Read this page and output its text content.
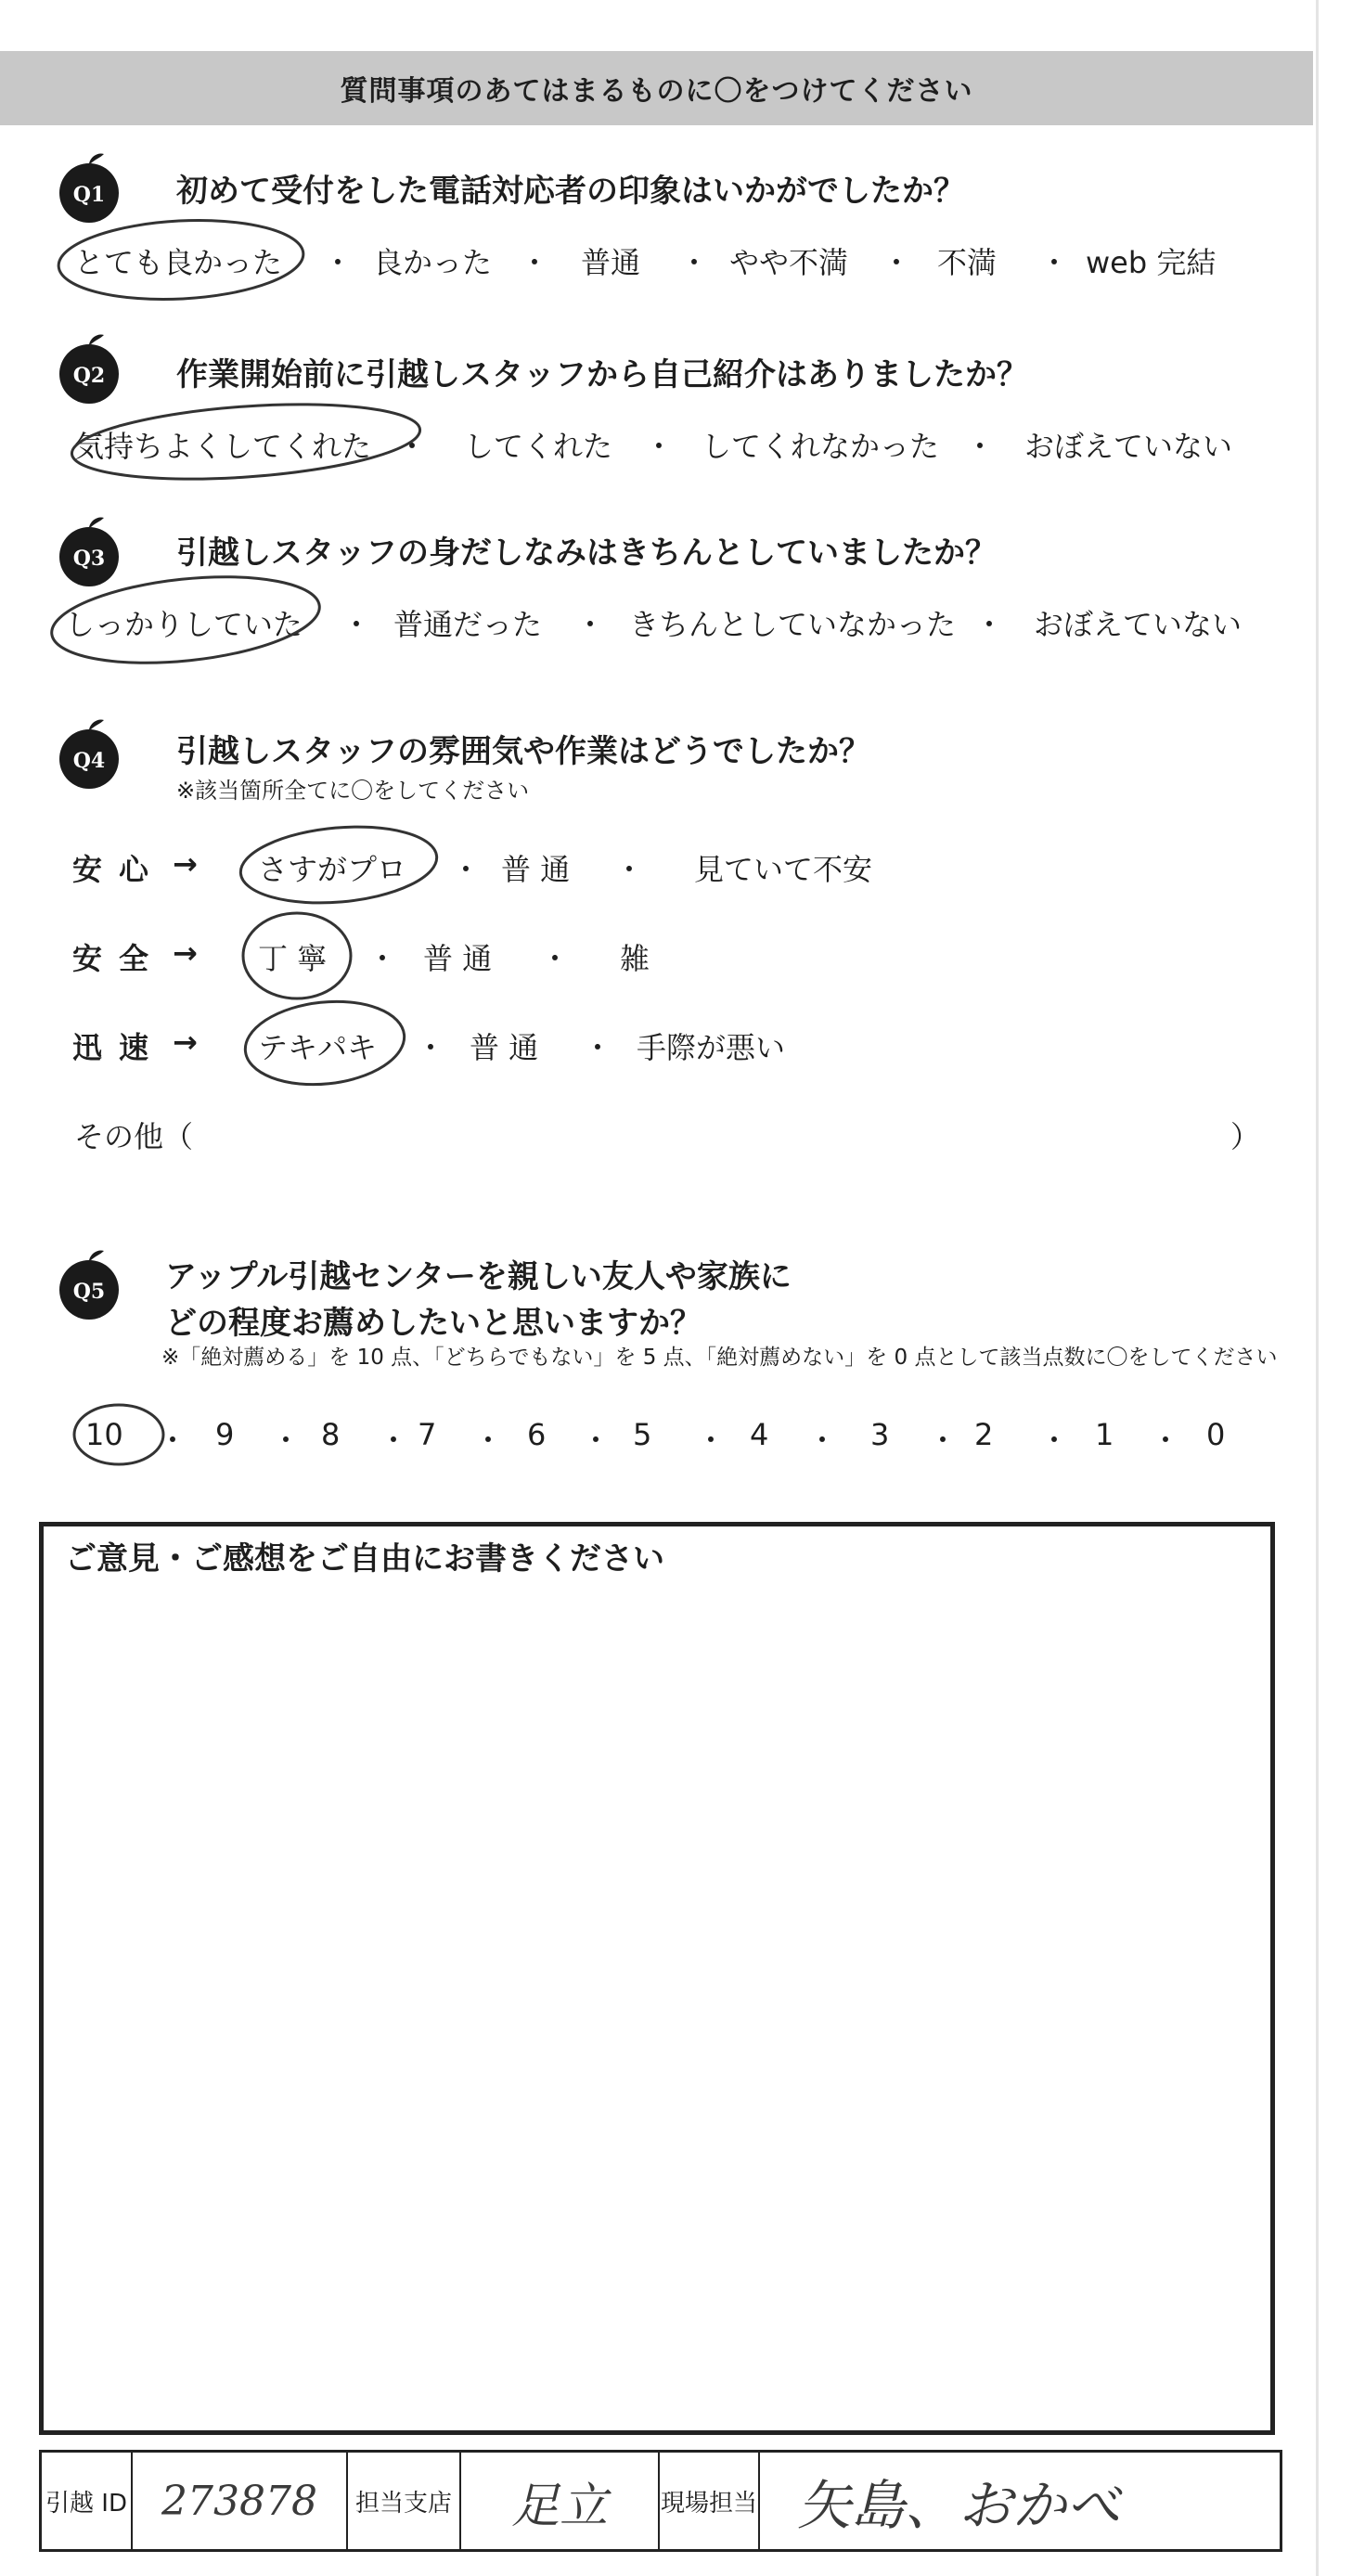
質問事項のあてはまるものに〇をつけてください
Q1 初めて受付をした電話対応者の印象はいかがでしたか？
とても良かった ・ 良かった ・ 普通 ・ やや不満 ・ 不満 ・ web 完結
Q2 作業開始前に引越しスタッフから自己紹介はありましたか？
気持ちよくしてくれた ・ してくれた ・ してくれなかった ・ おぼえていない
Q3 引越しスタッフの身だしなみはきちんとしていましたか？
しっかりしていた ・ 普通だった ・ きちんとしていなかった ・ おぼえていない
Q4 引越しスタッフの雰囲気や作業はどうでしたか？
※該当箇所全てに〇をしてください
安心 → さすがプロ ・ 普 通 ・ 見ていて不安
安全 → 丁 寧 ・ 普 通 ・ 雑
迅速 → テキパキ ・ 普 通 ・ 手際が悪い
その他（	）
Q5 アップル引越センターを親しい友人や家族に
どの程度お薦めしたいと思いますか？
※「絶対薦める」を 10 点、「どちらでもない」を 5 点、「絶対薦めない」を 0 点として該当点数に〇をしてください
10 ・ 9 ・ 8 ・ 7 ・ 6 ・ 5 ・ 4 ・ 3 ・ 2 ・ 1 ・ 0
ご意見・ご感想をご自由にお書きください
引越 ID 273878	担当支店 足立 現場担当 矢島、おかべ
